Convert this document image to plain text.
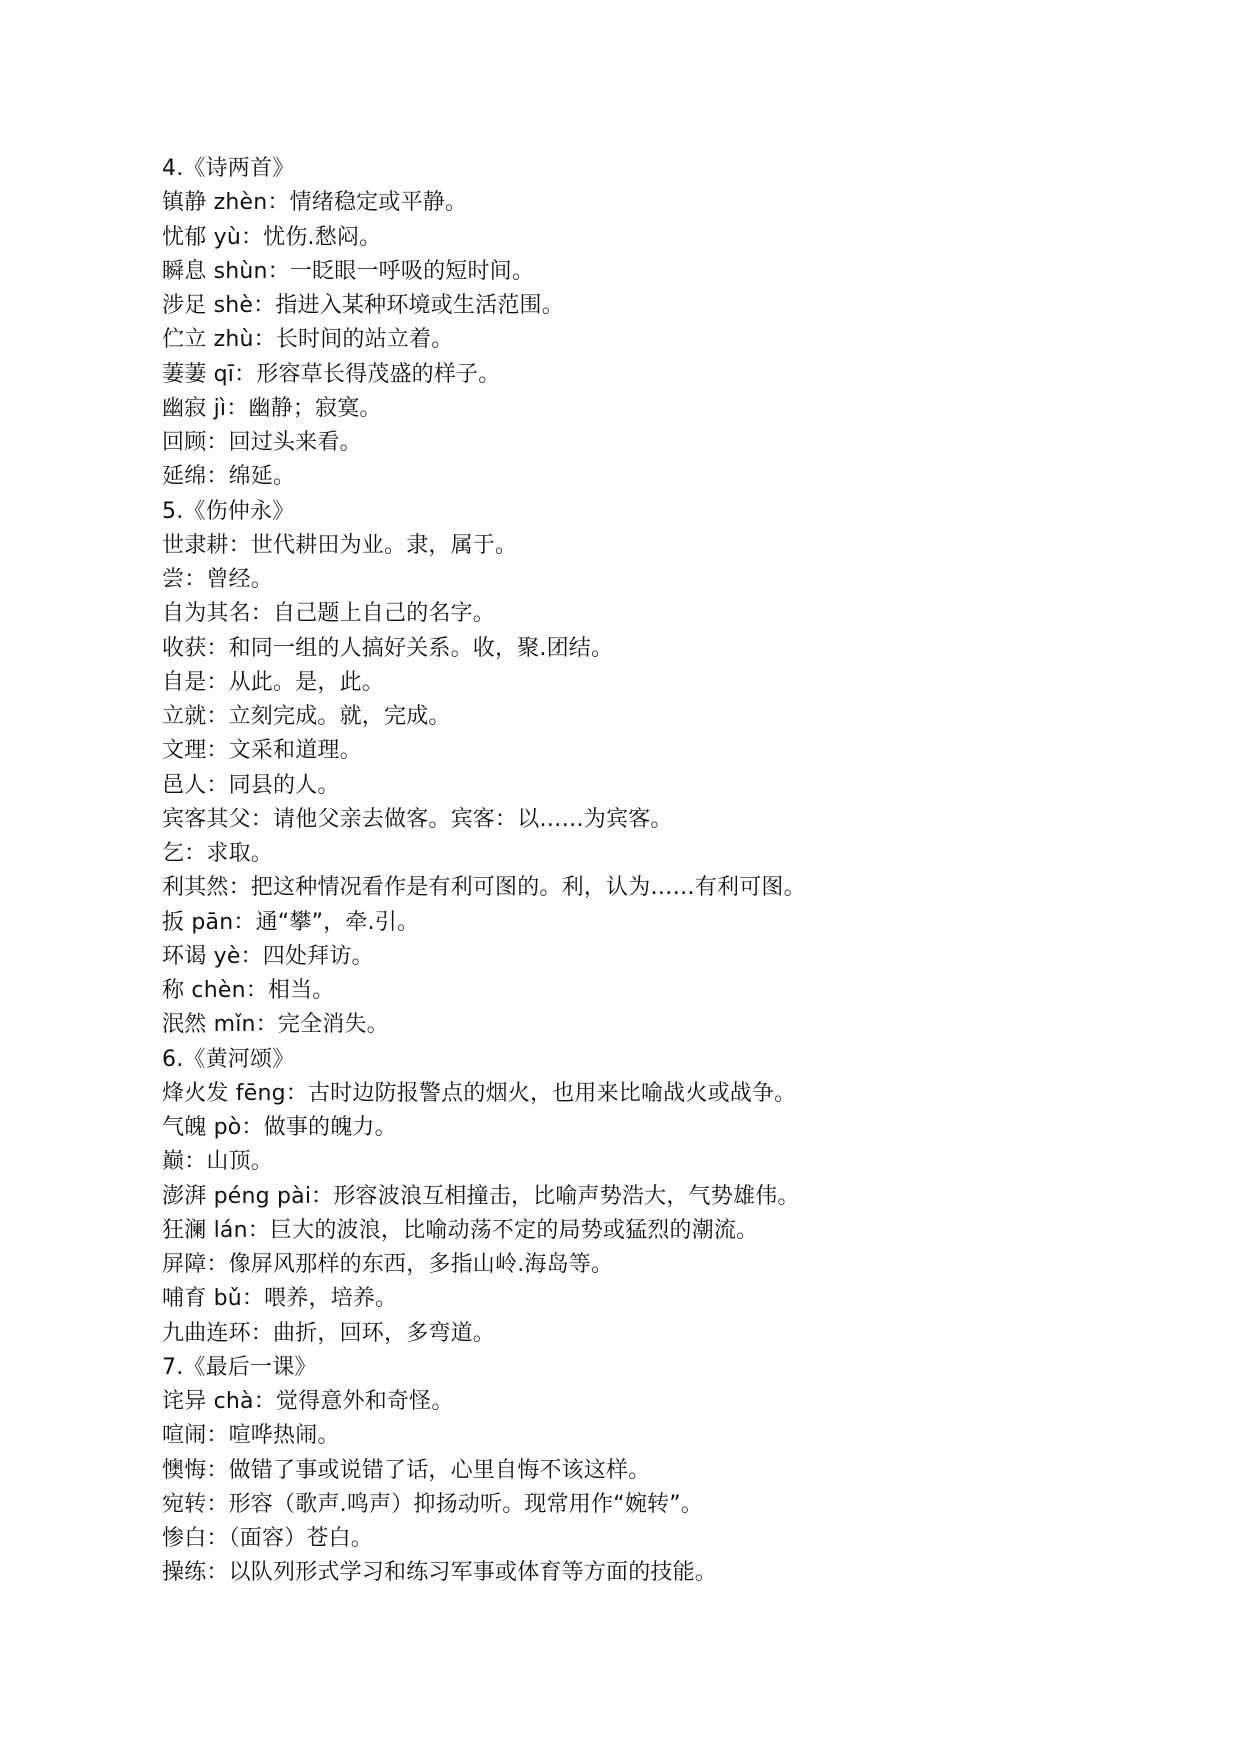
4.《诗两首》
镇静 zhèn：情绪稳定或平静。
忧郁 yù：忧伤.愁闷。
瞬息 shùn：一眨眼一呼吸的短时间。
涉足 shè：指进入某种环境或生活范围。
伫立 zhù：长时间的站立着。
萋萋 qī：形容草长得茂盛的样子。
幽寂 jì：幽静；寂寞。
回顾：回过头来看。
延绵：绵延。
5.《伤仲永》
世隶耕：世代耕田为业。隶，属于。
尝：曾经。
自为其名：自己题上自己的名字。
收获：和同一组的人搞好关系。收，聚.团结。
自是：从此。是，此。
立就：立刻完成。就，完成。
文理：文采和道理。
邑人：同县的人。
宾客其父：请他父亲去做客。宾客：以……为宾客。
乞：求取。
利其然：把这种情况看作是有利可图的。利，认为……有利可图。
扳 pān：通“攀”，牵.引。
环谒 yè：四处拜访。
称 chèn：相当。
泯然 mǐn：完全消失。
6.《黄河颂》
烽火发 fēng：古时边防报警点的烟火，也用来比喻战火或战争。
气魄 pò：做事的魄力。
巅：山顶。
澎湃 péng pài：形容波浪互相撞击，比喻声势浩大，气势雄伟。
狂澜 lán：巨大的波浪，比喻动荡不定的局势或猛烈的潮流。
屏障：像屏风那样的东西，多指山岭.海岛等。
哺育 bǔ：喂养，培养。
九曲连环：曲折，回环，多弯道。
7.《最后一课》
诧异 chà：觉得意外和奇怪。
喧闹：喧哗热闹。
懊悔：做错了事或说错了话，心里自悔不该这样。
宛转：形容（歌声.鸣声）抑扬动听。现常用作“婉转”。
惨白：（面容）苍白。
操练：以队列形式学习和练习军事或体育等方面的技能。
